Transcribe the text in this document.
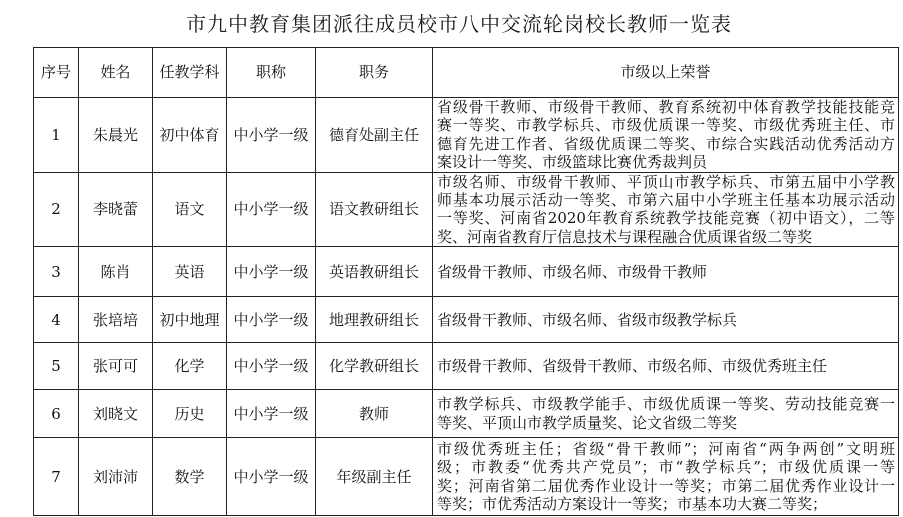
市九中教育集团派往成员校市八中交流轮岗校长教师一览表
序号	姓名	任教学科	职称	职务	市级以上荣誉
1	朱晨光	初中体育	中小学一级	德育处副主任	省级骨干教师、市级骨干教师、教育系统初中体育教学技能技能竞
赛一等奖、市教学标兵、市级优质课一等奖、市级优秀班主任、市
德育先进工作者、省级优质课二等奖、市综合实践活动优秀活动方
案设计一等奖、市级篮球比赛优秀裁判员

2	李晓蕾	语文	中小学一级	语文教研组长	市级名师、市级骨干教师、平顶山市教学标兵、市第五届中小学教
师基本功展示活动一等奖、市第六届中小学班主任基本功展示活动
一等奖、河南省2020年教育系统教学技能竞赛（初中语文），二等
奖、河南省教育厅信息技术与课程融合优质课省级二等奖

3	陈肖	英语	中小学一级	英语教研组长	省级骨干教师、市级名师、市级骨干教师

4	张培培	初中地理	中小学一级	地理教研组长	省级骨干教师、市级名师、省级市级教学标兵

5	张可可	化学	中小学一级	化学教研组长	市级骨干教师、省级骨干教师、市级名师、市级优秀班主任

6	刘晓文	历史	中小学一级	教师	市教学标兵、市级教学能手、市级优质课一等奖、劳动技能竞赛一
等奖、平顶山市教学质量奖、论文省级二等奖

7	刘沛沛	数学	中小学一级	年级副主任	市级优秀班主任；省级“骨干教师”；河南省“两争两创”文明班
级；市教委“优秀共产党员”；市“教学标兵”；市级优质课一等
奖；河南省第二届优秀作业设计一等奖；市第二届优秀作业设计一
等奖；市优秀活动方案设计一等奖；市基本功大赛二等奖；
